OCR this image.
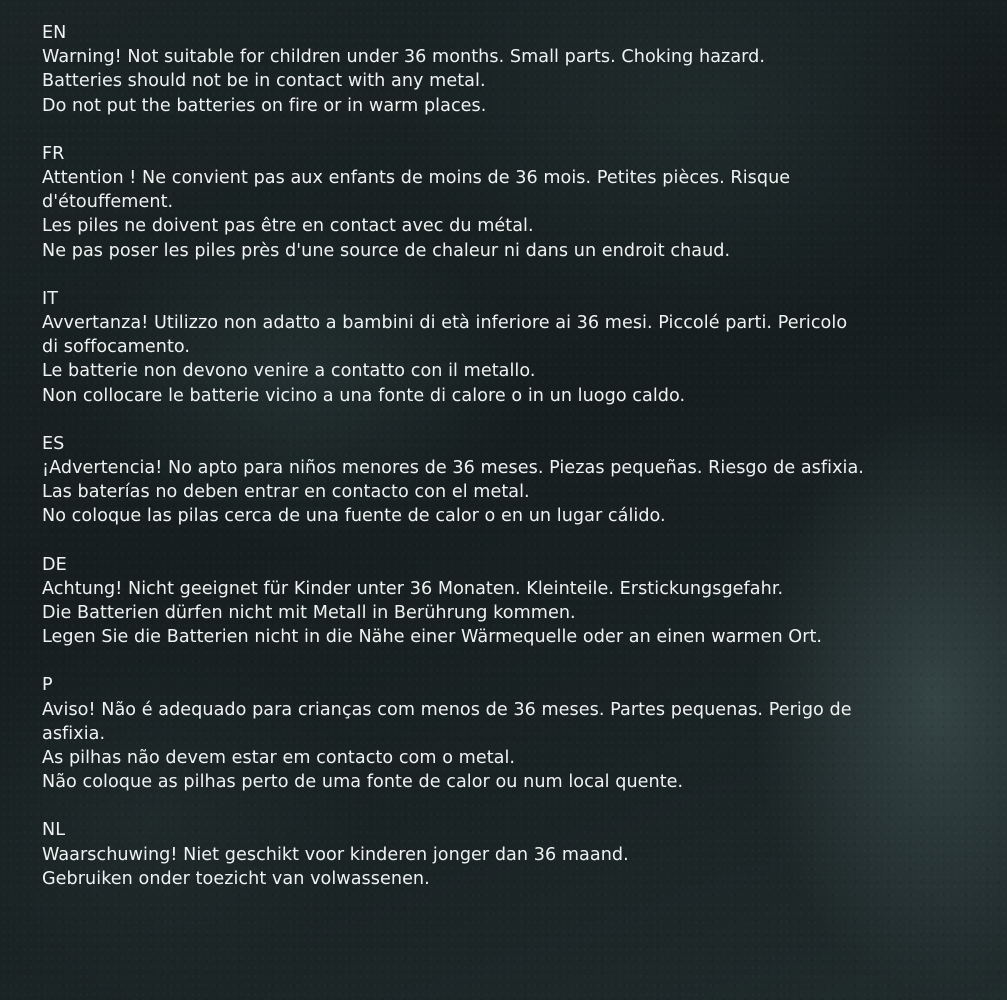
EN
Warning! Not suitable for children under 36 months. Small parts. Choking hazard.
Batteries should not be in contact with any metal.
Do not put the batteries on fire or in warm places.
FR
Attention ! Ne convient pas aux enfants de moins de 36 mois. Petites pièces. Risque
d'étouffement.
Les piles ne doivent pas être en contact avec du métal.
Ne pas poser les piles près d'une source de chaleur ni dans un endroit chaud.
IT
Avvertanza! Utilizzo non adatto a bambini di età inferiore ai 36 mesi. Piccolé parti. Pericolo
di soffocamento.
Le batterie non devono venire a contatto con il metallo.
Non collocare le batterie vicino a una fonte di calore o in un luogo caldo.
ES
¡Advertencia! No apto para niños menores de 36 meses. Piezas pequeñas. Riesgo de asfixia.
Las baterías no deben entrar en contacto con el metal.
No coloque las pilas cerca de una fuente de calor o en un lugar cálido.
DE
Achtung! Nicht geeignet für Kinder unter 36 Monaten. Kleinteile. Erstickungsgefahr.
Die Batterien dürfen nicht mit Metall in Berührung kommen.
Legen Sie die Batterien nicht in die Nähe einer Wärmequelle oder an einen warmen Ort.
P
Aviso! Não é adequado para crianças com menos de 36 meses. Partes pequenas. Perigo de
asfixia.
As pilhas não devem estar em contacto com o metal.
Não coloque as pilhas perto de uma fonte de calor ou num local quente.
NL
Waarschuwing! Niet geschikt voor kinderen jonger dan 36 maand.
Gebruiken onder toezicht van volwassenen.
